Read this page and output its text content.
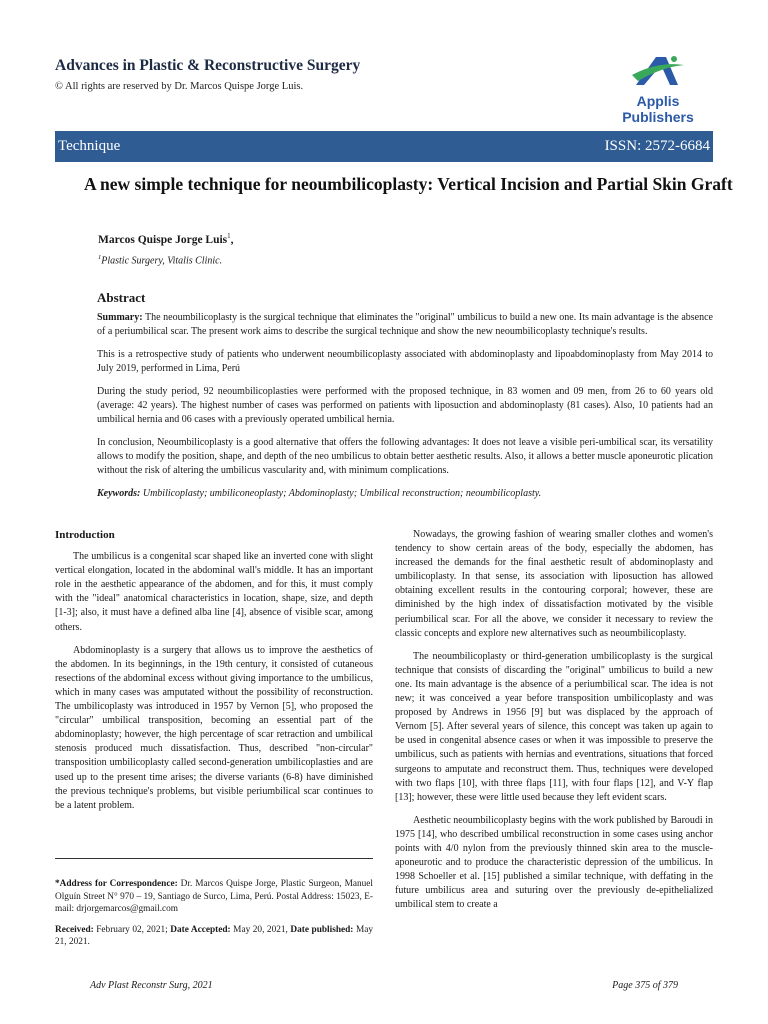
Advances in Plastic & Reconstructive Surgery
© All rights are reserved by Dr. Marcos Quispe Jorge Luis.
Applis Publishers
Technique	ISSN: 2572-6684
A new simple technique for neoumbilicoplasty: Vertical Incision and Partial Skin Graft
Marcos Quispe Jorge Luis$^1$,
$^1$Plastic Surgery, Vitalis Clinic.
Abstract

Summary: The neoumbilicoplasty is the surgical technique that eliminates the "original" umbilicus to build a new one. Its main advantage is the absence of a periumbilical scar. The present work aims to describe the surgical technique and show the new neoumbilicoplasty technique's results.

This is a retrospective study of patients who underwent neoumbilicoplasty associated with abdominoplasty and lipoabdominoplasty from May 2014 to July 2019, performed in Lima, Perú

During the study period, 92 neoumbilicoplasties were performed with the proposed technique, in 83 women and 09 men, from 26 to 60 years old (average: 42 years). The highest number of cases was performed on patients with liposuction and abdominoplasty (81 cases). Also, 10 patients had an umbilical hernia and 06 cases with a previously operated umbilical hernia.

In conclusion, Neoumbilicoplasty is a good alternative that offers the following advantages: It does not leave a visible peri-umbilical scar, its versatility allows to modify the position, shape, and depth of the neo umbilicus to obtain better aesthetic results. Also, it allows a better muscle aponeurotic plication without the risk of altering the umbilicus vascularity and, with minimum complications.

Keywords: Umbilicoplasty; umbiliconeoplasty; Abdominoplasty; Umbilical reconstruction; neoumbilicoplasty.

Introduction

The umbilicus is a congenital scar shaped like an inverted cone with slight vertical elongation, located in the abdominal wall's middle. It has an important role in the aesthetic appearance of the abdomen, and for this, it must comply with the "ideal" anatomical characteristics in location, shape, size, and depth [1-3]; also, it must have a defined alba line [4], absence of visible scar, among others.

Abdominoplasty is a surgery that allows us to improve the aesthetics of the abdomen. In its beginnings, in the 19th century, it consisted of cutaneous resections of the abdominal excess without giving importance to the umbilicus, which in many cases was amputated without the possibility of reconstruction. The umbilicoplasty was introduced in 1957 by Vernon [5], who proposed the "circular" umbilical transposition, becoming an essential part of the abdominoplasty; however, the high percentage of scar retraction and umbilical stenosis produced much dissatisfaction. Thus, described "non-circular" transposition umbilicoplasty called second-generation umbilicoplasties and are used up to the present time arises; the diverse variants (6-8) have diminished the previous technique's problems, but visible periumbilical scar continues to be a latent problem.

Nowadays, the growing fashion of wearing smaller clothes and women's tendency to show certain areas of the body, especially the abdomen, has increased the demands for the final aesthetic result of abdominoplasty and umbilicoplasty. In that sense, its association with liposuction has allowed obtaining excellent results in the contouring corporal; however, these are diminished by the high index of dissatisfaction motivated by the visible periumbilical scar. For all the above, we consider it necessary to review the classic concepts and explore new alternatives such as neoumbilicoplasty.

The neoumbilicoplasty or third-generation umbilicoplasty is the surgical technique that consists of discarding the "original" umbilicus to build a new one. Its main advantage is the absence of a periumbilical scar. The idea is not new; it was conceived a year before transposition umbilicoplasty and was proposed by Andrews in 1956 [9] but was displaced by the approach of Vernom [5]. After several years of silence, this concept was taken up again to be used in congenital absence cases or when it was impossible to preserve the umbilicus, such as patients with hernias and eventrations, situations that forced surgeons to amputate and reconstruct them. Thus, techniques were developed with two flaps [10], with three flaps [11], with four flaps [12], and V-Y flap [13]; however, these were little used because they left evident scars.

Aesthetic neoumbilicoplasty begins with the work published by Baroudi in 1975 [14], who described umbilical reconstruction in some cases using anchor points with 4/0 nylon from the previously thinned skin area to the muscle-aponeurotic and to produce the characteristic depression of the umbilicus. In 1998 Schoeller et al. [15] published a similar technique, with deffating in the future umbilicus area and suturing over the previously de-epithelialized umbilical stem to create a

*Address for Correspondence: Dr. Marcos Quispe Jorge, Plastic Surgeon, Manuel Olguín Street N° 970 – 19, Santiago de Surco, Lima, Perú. Postal Address: 15023, E-mail: drjorgemarcos@gmail.com

Received: February 02, 2021; Date Accepted: May 20, 2021, Date published: May 21, 2021.

Adv Plast Reconstr Surg, 2021	Page 375 of 379
